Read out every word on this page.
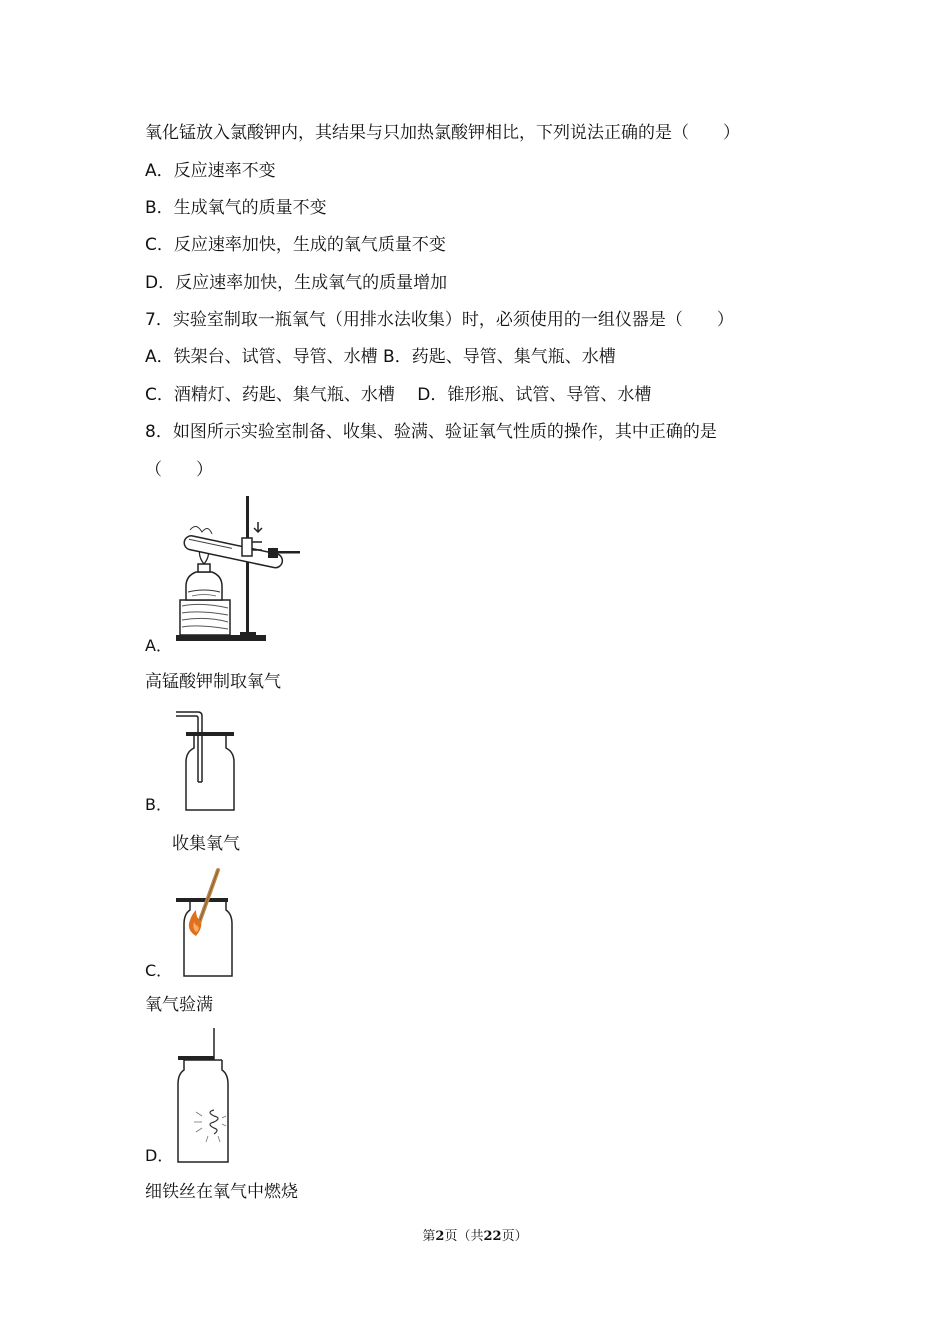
氧化锰放入氯酸钾内，其结果与只加热氯酸钾相比，下列说法正确的是（　　）
A．反应速率不变
B．生成氧气的质量不变
C．反应速率加快，生成的氧气质量不变
D．反应速率加快，生成氧气的质量增加
7．实验室制取一瓶氧气（用排水法收集）时，必须使用的一组仪器是（　　）
A．铁架台、试管、导管、水槽 B．药匙、导管、集气瓶、水槽
C．酒精灯、药匙、集气瓶、水槽　 D．锥形瓶、试管、导管、水槽
8．如图所示实验室制备、收集、验满、验证氧气性质的操作，其中正确的是
（　　）
A．
高锰酸钾制取氧气
B．
收集氧气
C．
氧气验满
D．
细铁丝在氧气中燃烧
第2页（共22页）
